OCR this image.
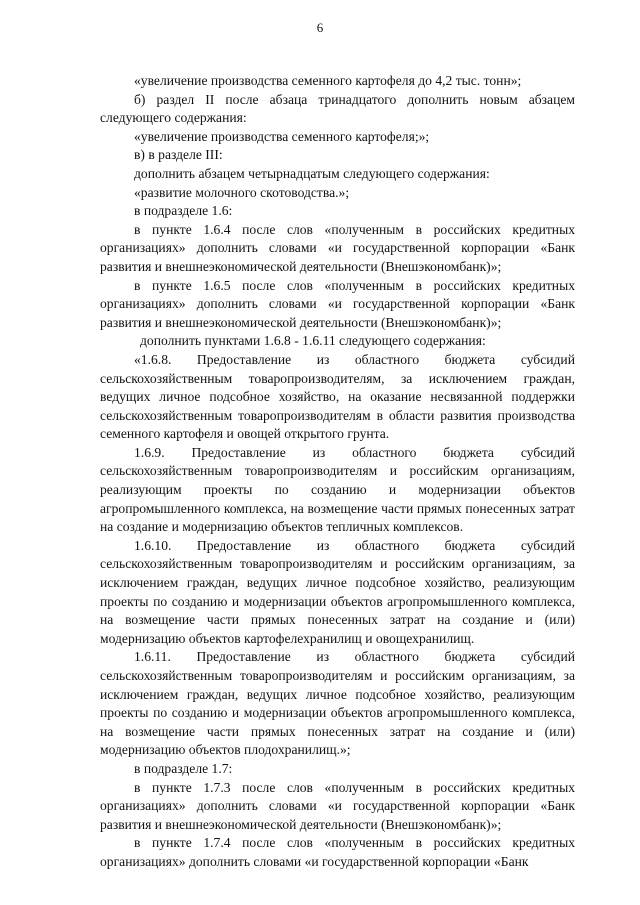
6

«увеличение производства семенного картофеля до 4,2 тыс. тонн»;

б) раздел II после абзаца тринадцатого дополнить новым абзацем следующего содержания:

«увеличение производства семенного картофеля;»;

в) в разделе III:

дополнить абзацем четырнадцатым следующего содержания:

«развитие молочного скотоводства.»;

в подразделе 1.6:

в пункте 1.6.4 после слов «полученным в российских кредитных организациях» дополнить словами «и государственной корпорации «Банк развития и внешнеэкономической деятельности (Внешэкономбанк)»;

в пункте 1.6.5 после слов «полученным в российских кредитных организациях» дополнить словами «и государственной корпорации «Банк развития и внешнеэкономической деятельности (Внешэкономбанк)»;

дополнить пунктами 1.6.8 - 1.6.11 следующего содержания:

«1.6.8. Предоставление из областного бюджета субсидий сельскохозяйственным товаропроизводителям, за исключением граждан, ведущих личное подсобное хозяйство, на оказание несвязанной поддержки сельскохозяйственным товаропроизводителям в области развития производства семенного картофеля и овощей открытого грунта.

1.6.9. Предоставление из областного бюджета субсидий сельскохозяйственным товаропроизводителям и российским организациям, реализующим проекты по созданию и модернизации объектов агропромышленного комплекса, на возмещение части прямых понесенных затрат на создание и модернизацию объектов тепличных комплексов.

1.6.10. Предоставление из областного бюджета субсидий сельскохозяйственным товаропроизводителям и российским организациям, за исключением граждан, ведущих личное подсобное хозяйство, реализующим проекты по созданию и модернизации объектов агропромышленного комплекса, на возмещение части прямых понесенных затрат на создание и (или) модернизацию объектов картофелехранилищ и овощехранилищ.

1.6.11. Предоставление из областного бюджета субсидий сельскохозяйственным товаропроизводителям и российским организациям, за исключением граждан, ведущих личное подсобное хозяйство, реализующим проекты по созданию и модернизации объектов агропромышленного комплекса, на возмещение части прямых понесенных затрат на создание и (или) модернизацию объектов плодохранилищ.»;

в подразделе 1.7:

в пункте 1.7.3 после слов «полученным в российских кредитных организациях» дополнить словами «и государственной корпорации «Банк развития и внешнеэкономической деятельности (Внешэкономбанк)»;

в пункте 1.7.4 после слов «полученным в российских кредитных организациях» дополнить словами «и государственной корпорации «Банк
